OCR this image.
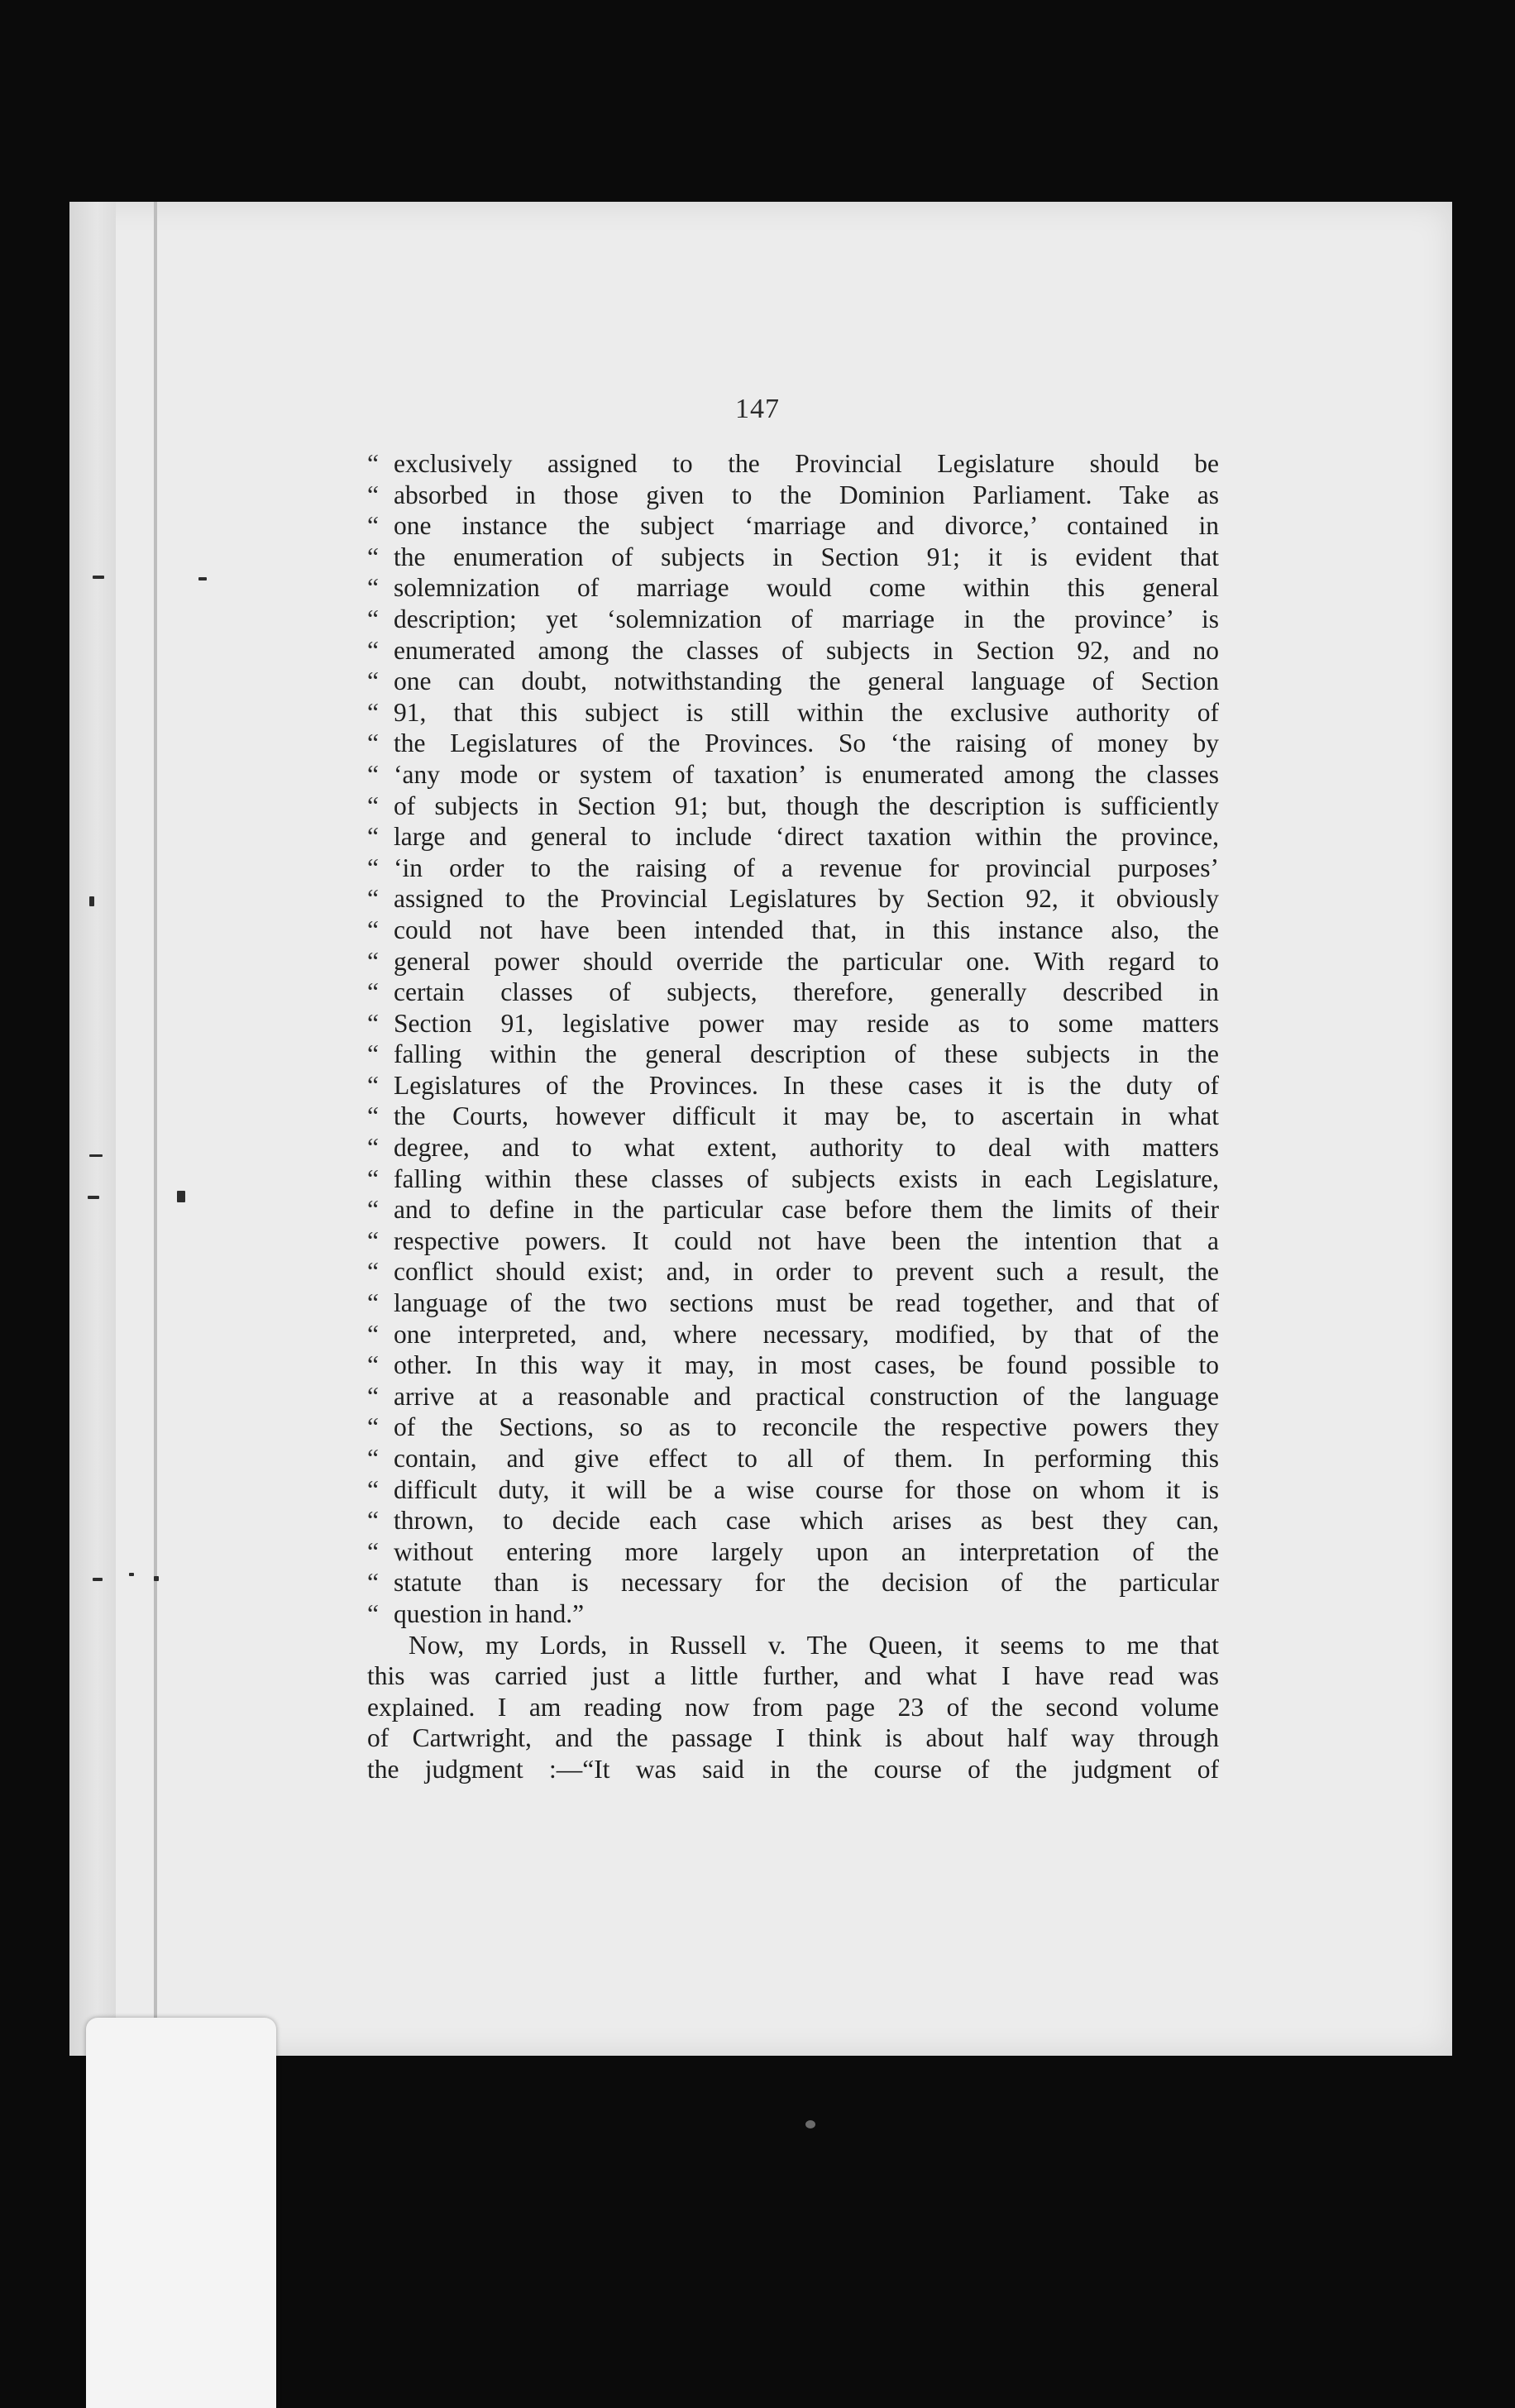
147
“ exclusively assigned to the Provincial Legislature should be
“ absorbed in those given to the Dominion Parliament. Take as
“ one instance the subject ‘marriage and divorce,’ contained in
“ the enumeration of subjects in Section 91; it is evident that
“ solemnization of marriage would come within this general
“ description; yet ‘solemnization of marriage in the province’ is
“ enumerated among the classes of subjects in Section 92, and no
“ one can doubt, notwithstanding the general language of Section
“ 91, that this subject is still within the exclusive authority of
“ the Legislatures of the Provinces. So ‘the raising of money by
“ ‘any mode or system of taxation’ is enumerated among the classes
“ of subjects in Section 91; but, though the description is sufficiently
“ large and general to include ‘direct taxation within the province,
“ ‘in order to the raising of a revenue for provincial purposes’
“ assigned to the Provincial Legislatures by Section 92, it obviously
“ could not have been intended that, in this instance also, the
“ general power should override the particular one. With regard to
“ certain classes of subjects, therefore, generally described in
“ Section 91, legislative power may reside as to some matters
“ falling within the general description of these subjects in the
“ Legislatures of the Provinces. In these cases it is the duty of
“ the Courts, however difficult it may be, to ascertain in what
“ degree, and to what extent, authority to deal with matters
“ falling within these classes of subjects exists in each Legislature,
“ and to define in the particular case before them the limits of their
“ respective powers. It could not have been the intention that a
“ conflict should exist; and, in order to prevent such a result, the
“ language of the two sections must be read together, and that of
“ one interpreted, and, where necessary, modified, by that of the
“ other. In this way it may, in most cases, be found possible to
“ arrive at a reasonable and practical construction of the language
“ of the Sections, so as to reconcile the respective powers they
“ contain, and give effect to all of them. In performing this
“ difficult duty, it will be a wise course for those on whom it is
“ thrown, to decide each case which arises as best they can,
“ without entering more largely upon an interpretation of the
“ statute than is necessary for the decision of the particular
“ question in hand.”
Now, my Lords, in Russell v. The Queen, it seems to me that
this was carried just a little further, and what I have read was
explained. I am reading now from page 23 of the second volume
of Cartwright, and the passage I think is about half way through
the judgment :—“It was said in the course of the judgment of
